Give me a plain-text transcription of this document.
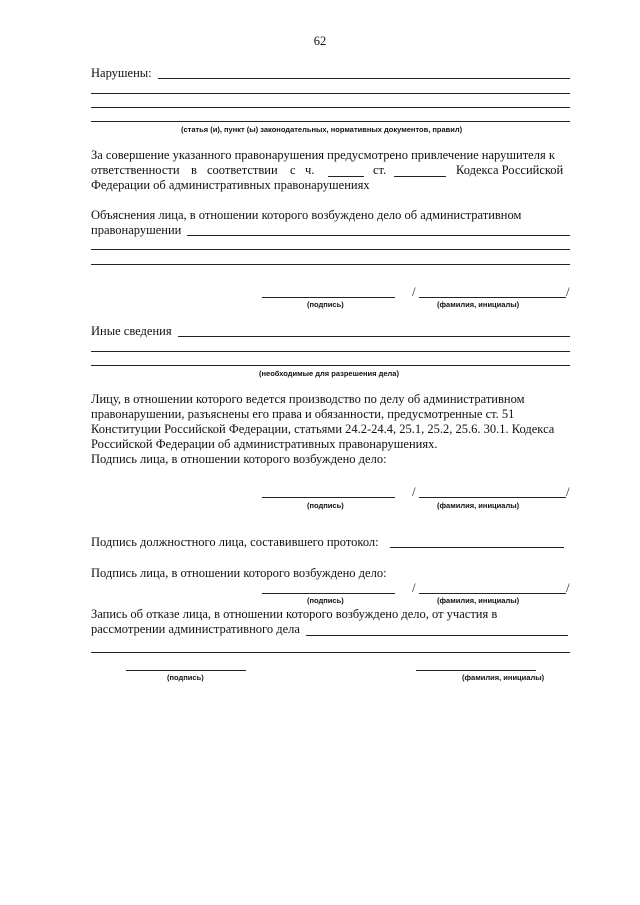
62
Нарушены:
(статья (и), пункт (ы) законодательных, нормативных документов, правил)
За совершение указанного правонарушения предусмотрено привлечение нарушителя к
ответственности в соответствии с ч.	ст.	Кодекса Российской
Федерации об административных правонарушениях
Объяснения лица, в отношении которого возбуждено дело об административном
правонарушении
/	/
(подпись)	(фамилия, инициалы)
Иные сведения
(необходимые для разрешения дела)
Лицу, в отношении которого ведется производство по делу об административном
правонарушении, разъяснены его права и обязанности, предусмотренные ст. 51
Конституции Российской Федерации, статьями 24.2-24.4, 25.1, 25.2, 25.6. 30.1. Кодекса
Российской Федерации об административных правонарушениях.
Подпись лица, в отношении которого возбуждено дело:
/	/
(подпись)	(фамилия, инициалы)
Подпись должностного лица, составившего протокол:
Подпись лица, в отношении которого возбуждено дело:
/	/
(подпись)	(фамилия, инициалы)
Запись об отказе лица, в отношении которого возбуждено дело, от участия в
рассмотрении административного дела
(подпись)	(фамилия, инициалы)
